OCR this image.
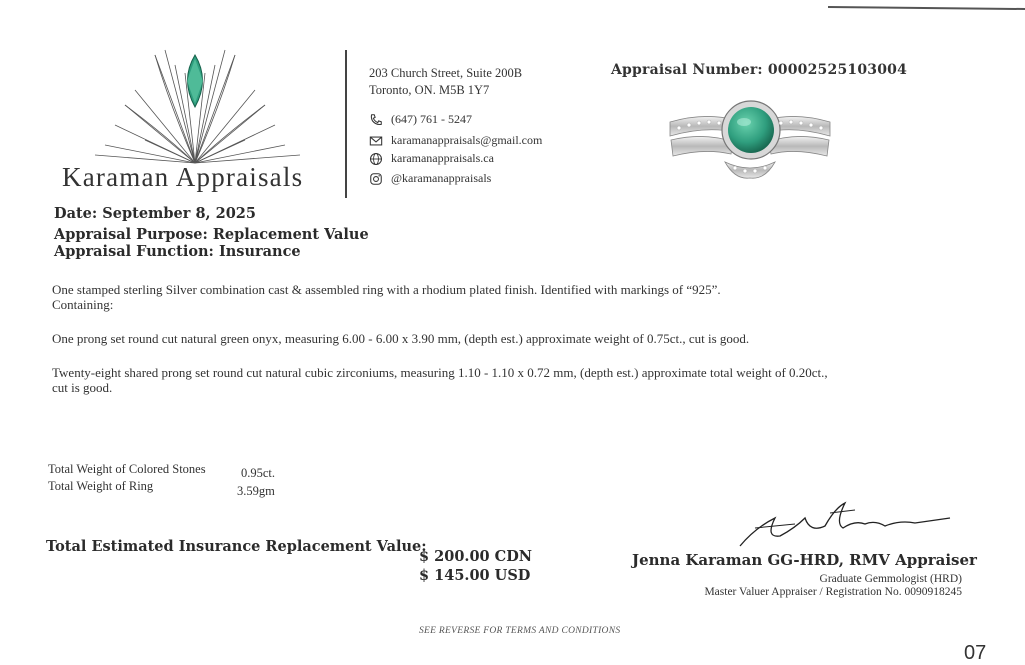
Karaman Appraisals
203 Church Street, Suite 200B
Toronto, ON. M5B 1Y7
(647) 761 - 5247
karamanappraisals@gmail.com
karamanappraisals.ca
@karamanappraisals
Appraisal Number: 00002525103004
Date: September 8, 2025
Appraisal Purpose: Replacement Value
Appraisal Function: Insurance
One stamped sterling Silver combination cast & assembled ring with a rhodium plated finish. Identified with markings of “925”.
Containing:
One prong set round cut natural green onyx, measuring 6.00 - 6.00 x 3.90 mm, (depth est.) approximate weight of 0.75ct., cut is good.
Twenty-eight shared prong set round cut natural cubic zirconiums, measuring 1.10 - 1.10 x 0.72 mm, (depth est.) approximate total weight of 0.20ct.,
cut is good.
Total Weight of Colored Stones	0.95ct.
Total Weight of Ring	3.59gm
Total Estimated Insurance Replacement Value:
$ 200.00 CDN
$ 145.00 USD
Jenna Karaman GG-HRD, RMV Appraiser
Graduate Gemmologist (HRD)
Master Valuer Appraiser / Registration No. 0090918245
SEE REVERSE FOR TERMS AND CONDITIONS
07
